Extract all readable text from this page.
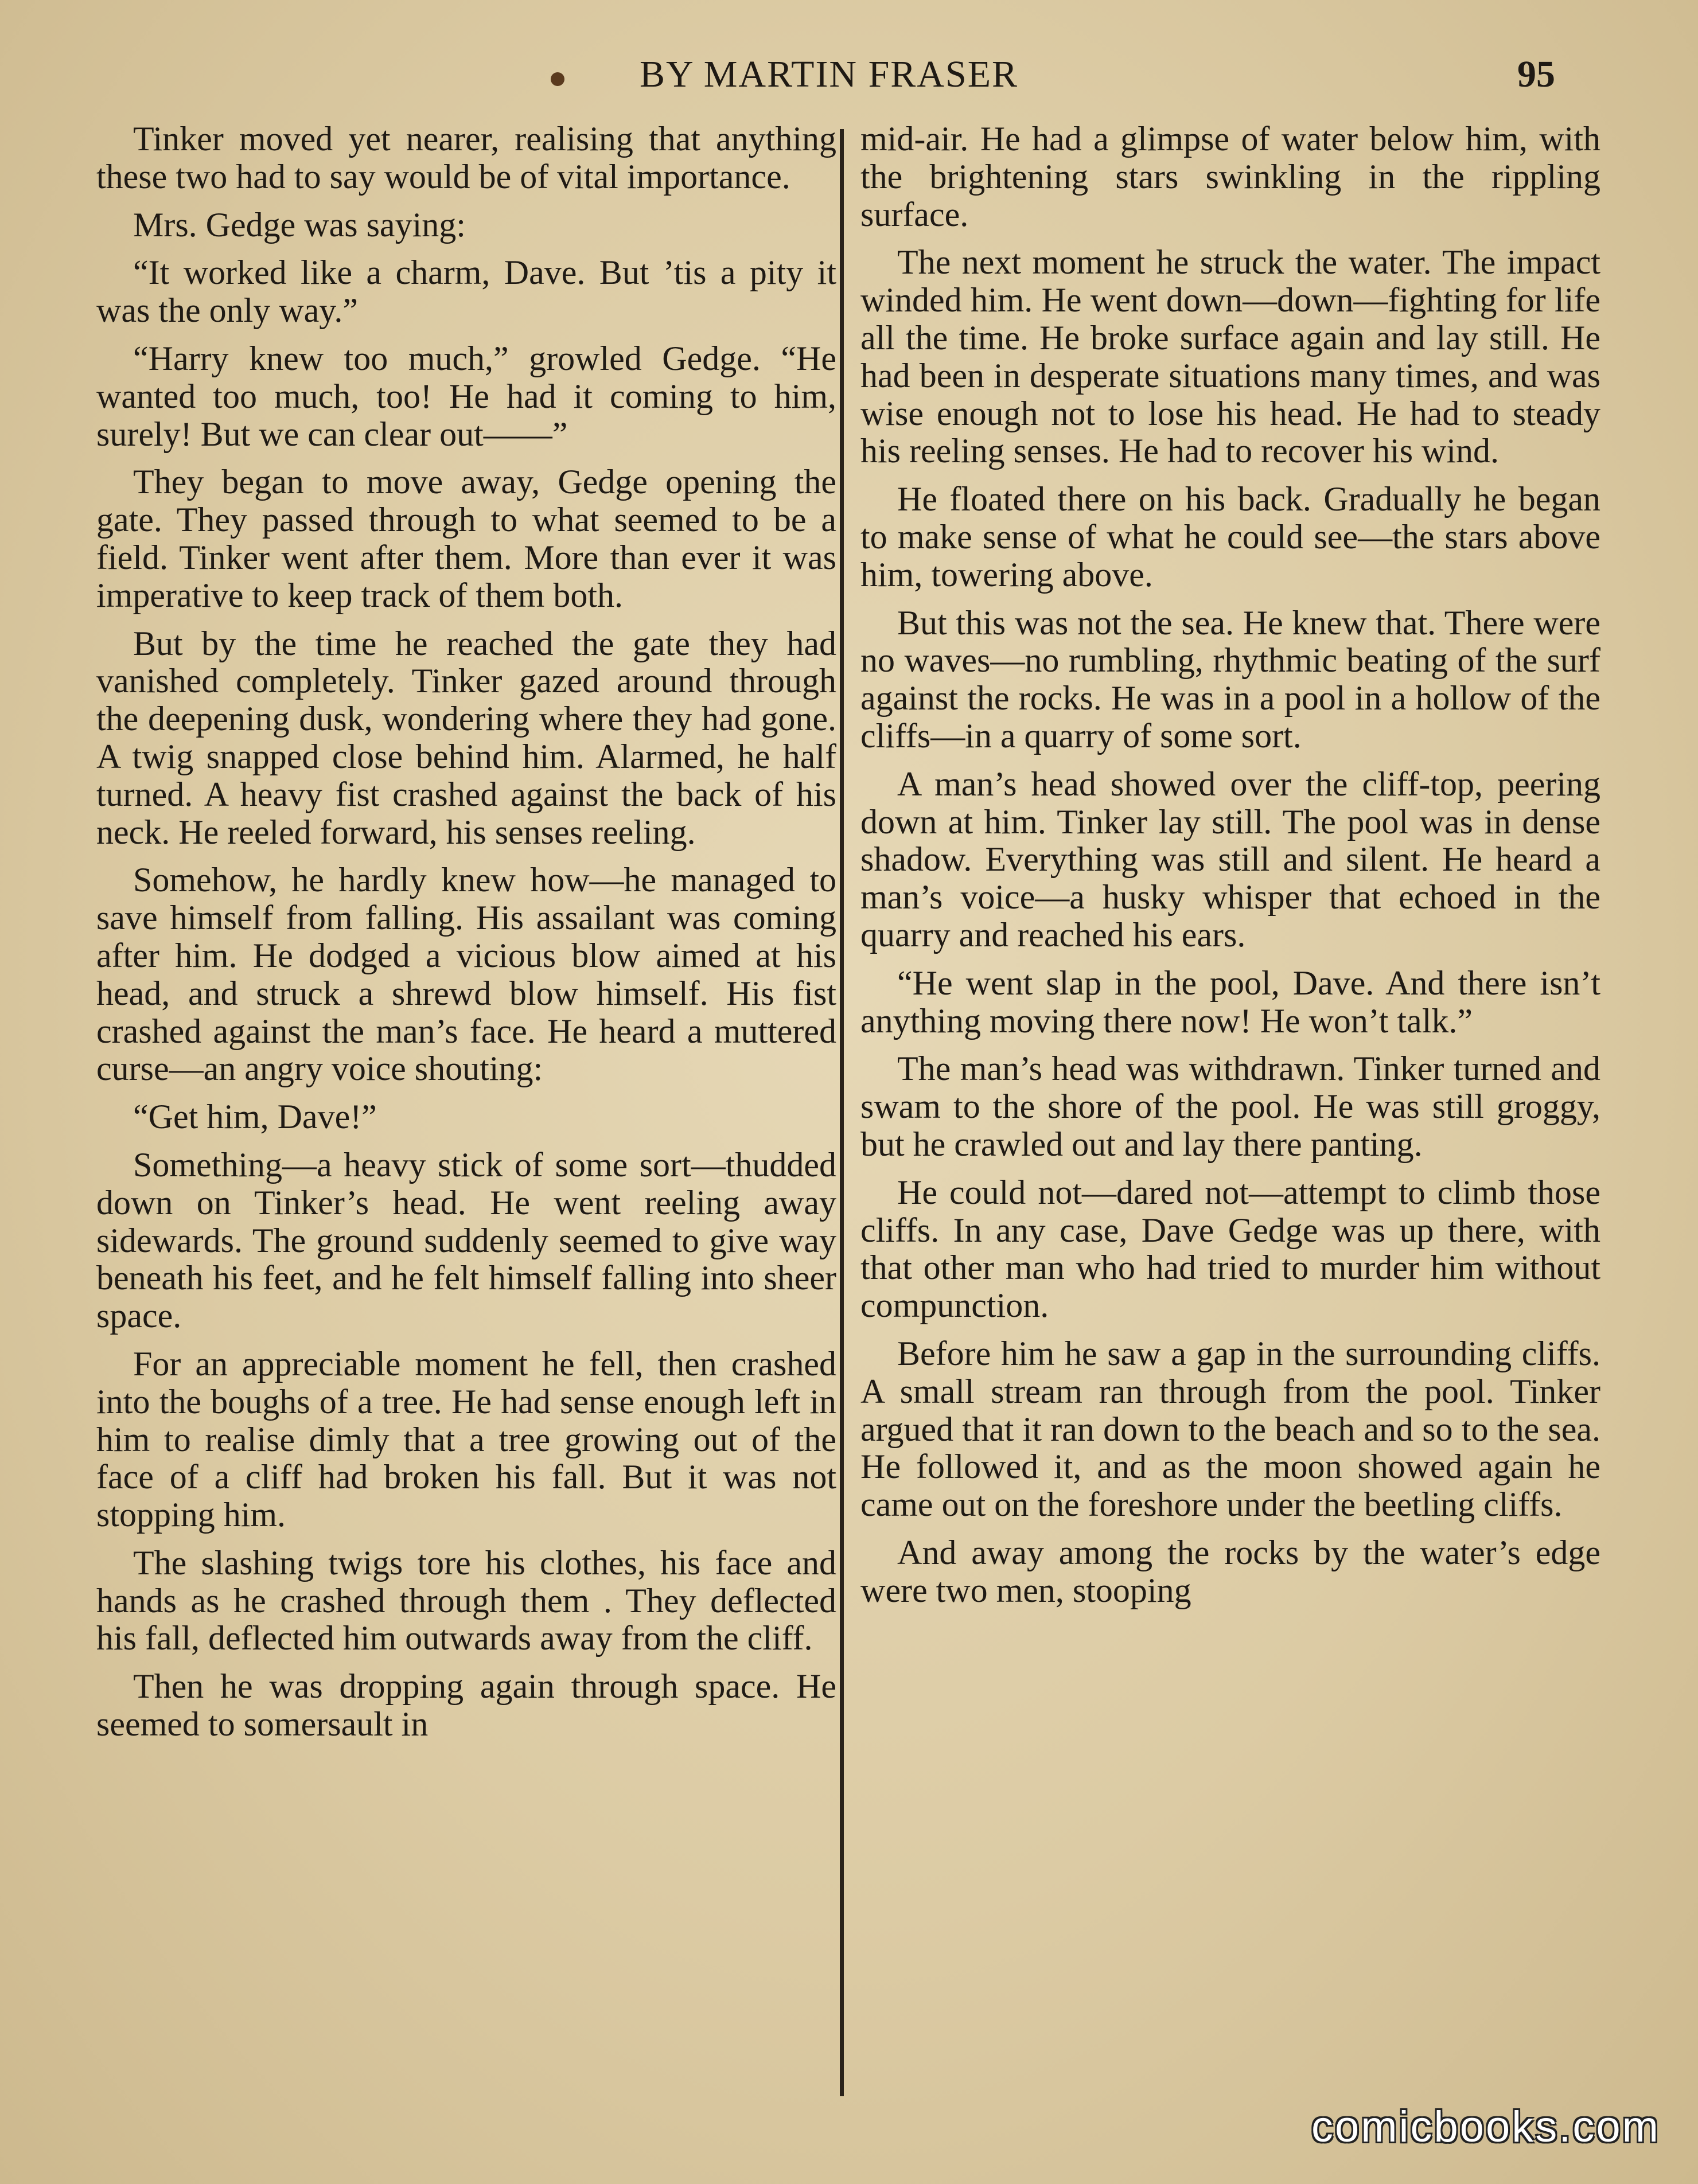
BY MARTIN FRASER	95

Tinker moved yet nearer, realising that anything these two had to say would be of vital importance.

Mrs. Gedge was saying:

“It worked like a charm, Dave. But ’tis a pity it was the only way.”

“Harry knew too much,” growled Gedge. “He wanted too much, too! He had it coming to him, surely! But we can clear out——”

They began to move away, Gedge opening the gate. They passed through to what seemed to be a field. Tinker went after them. More than ever it was imperative to keep track of them both.

But by the time he reached the gate they had vanished completely. Tinker gazed around through the deepening dusk, wondering where they had gone. A twig snapped close behind him. Alarmed, he half turned. A heavy fist crashed against the back of his neck. He reeled forward, his senses reeling.

Somehow, he hardly knew how—he managed to save himself from falling. His assailant was coming after him. He dodged a vicious blow aimed at his head, and struck a shrewd blow himself. His fist crashed against the man’s face. He heard a muttered curse—an angry voice shouting:

“Get him, Dave!”

Something—a heavy stick of some sort—thudded down on Tinker’s head. He went reeling away sidewards. The ground suddenly seemed to give way beneath his feet, and he felt himself falling into sheer space.

For an appreciable moment he fell, then crashed into the boughs of a tree. He had sense enough left in him to realise dimly that a tree growing out of the face of a cliff had broken his fall. But it was not stopping him.

The slashing twigs tore his clothes, his face and hands as he crashed through them . They deflected his fall, deflected him outwards away from the cliff.

Then he was dropping again through space. He seemed to somersault in

mid-air. He had a glimpse of water below him, with the brightening stars swinkling in the rippling surface.

The next moment he struck the water. The impact winded him. He went down—down—fighting for life all the time. He broke surface again and lay still. He had been in desperate situations many times, and was wise enough not to lose his head. He had to steady his reeling senses. He had to recover his wind.

He floated there on his back. Gradually he began to make sense of what he could see—the stars above him, towering above.

But this was not the sea. He knew that. There were no waves—no rumbling, rhythmic beating of the surf against the rocks. He was in a pool in a hollow of the cliffs—in a quarry of some sort.

A man’s head showed over the cliff-top, peering down at him. Tinker lay still. The pool was in dense shadow. Everything was still and silent. He heard a man’s voice—a husky whisper that echoed in the quarry and reached his ears.

“He went slap in the pool, Dave. And there isn’t anything moving there now! He won’t talk.”

The man’s head was withdrawn. Tinker turned and swam to the shore of the pool. He was still groggy, but he crawled out and lay there panting.

He could not—dared not—attempt to climb those cliffs. In any case, Dave Gedge was up there, with that other man who had tried to murder him without compunction.

Before him he saw a gap in the surrounding cliffs. A small stream ran through from the pool. Tinker argued that it ran down to the beach and so to the sea. He followed it, and as the moon showed again he came out on the foreshore under the beetling cliffs.

And away among the rocks by the water’s edge were two men, stooping

comicbooks.com
